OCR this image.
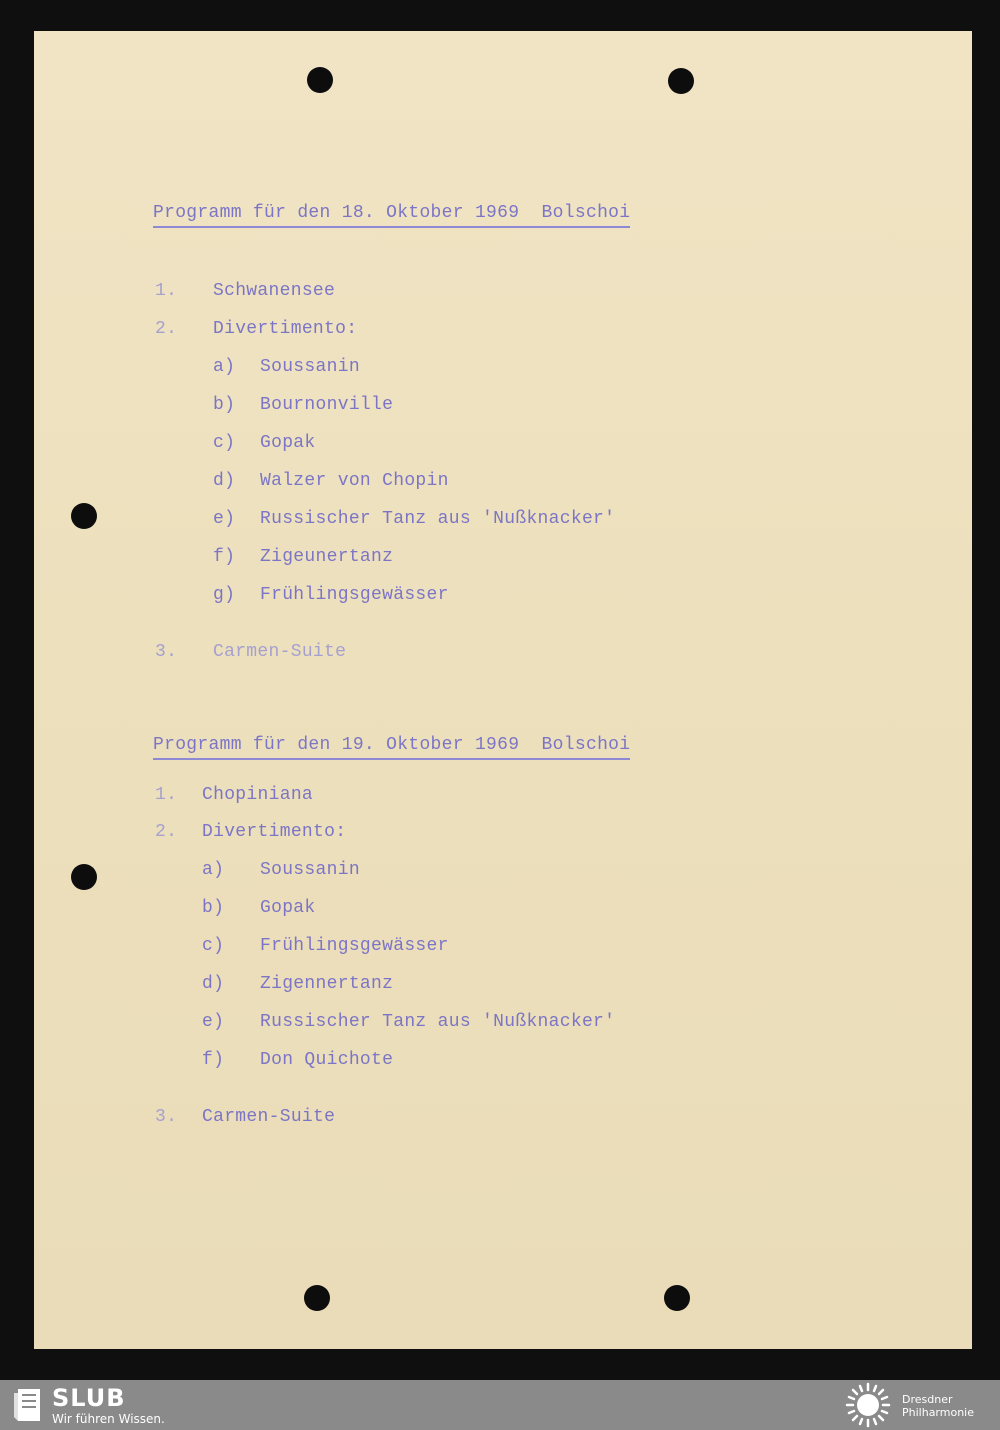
Programm für den 18. Oktober 1969  Bolschoi
1. Schwanensee
2. Divertimento:
a) Soussanin
b) Bournonville
c) Gopak
d) Walzer von Chopin
e) Russischer Tanz aus 'Nußknacker'
f) Zigeunertanz
g) Frühlingsgewässer
3. Carmen-Suite
Programm für den 19. Oktober 1969  Bolschoi
1. Chopiniana
2. Divertimento:
a) Soussanin
b) Gopak
c) Frühlingsgewässer
d) Zigennertanz
e) Russischer Tanz aus 'Nußknacker'
f) Don Quichote
3. Carmen-Suite
SLUB
Wir führen Wissen.
Dresdner
Philharmonie
